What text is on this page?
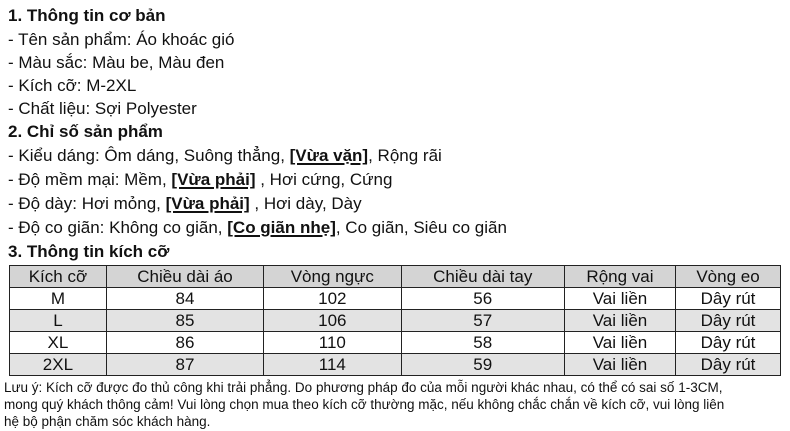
1. Thông tin cơ bản
- Tên sản phẩm: Áo khoác gió
- Màu sắc: Màu be, Màu đen
- Kích cỡ: M-2XL
- Chất liệu: Sợi Polyester
2. Chỉ số sản phẩm
- Kiểu dáng: Ôm dáng, Suông thẳng, [Vừa vặn], Rộng rãi
- Độ mềm mại: Mềm, [Vừa phải] , Hơi cứng, Cứng
- Độ dày: Hơi mỏng, [Vừa phải] , Hơi dày, Dày
- Độ co giãn: Không co giãn, [Co giãn nhẹ], Co giãn, Siêu co giãn
3. Thông tin kích cỡ
Kích cỡ	Chiều dài áo	Vòng ngực	Chiều dài tay	Rộng vai	Vòng eo
M	84	102	56	Vai liền	Dây rút
L	85	106	57	Vai liền	Dây rút
XL	86	110	58	Vai liền	Dây rút
2XL	87	114	59	Vai liền	Dây rút
Lưu ý: Kích cỡ được đo thủ công khi trải phẳng. Do phương pháp đo của mỗi người khác nhau, có thể có sai số 1-3CM,
mong quý khách thông cảm! Vui lòng chọn mua theo kích cỡ thường mặc, nếu không chắc chắn về kích cỡ, vui lòng liên
hệ bộ phận chăm sóc khách hàng.
